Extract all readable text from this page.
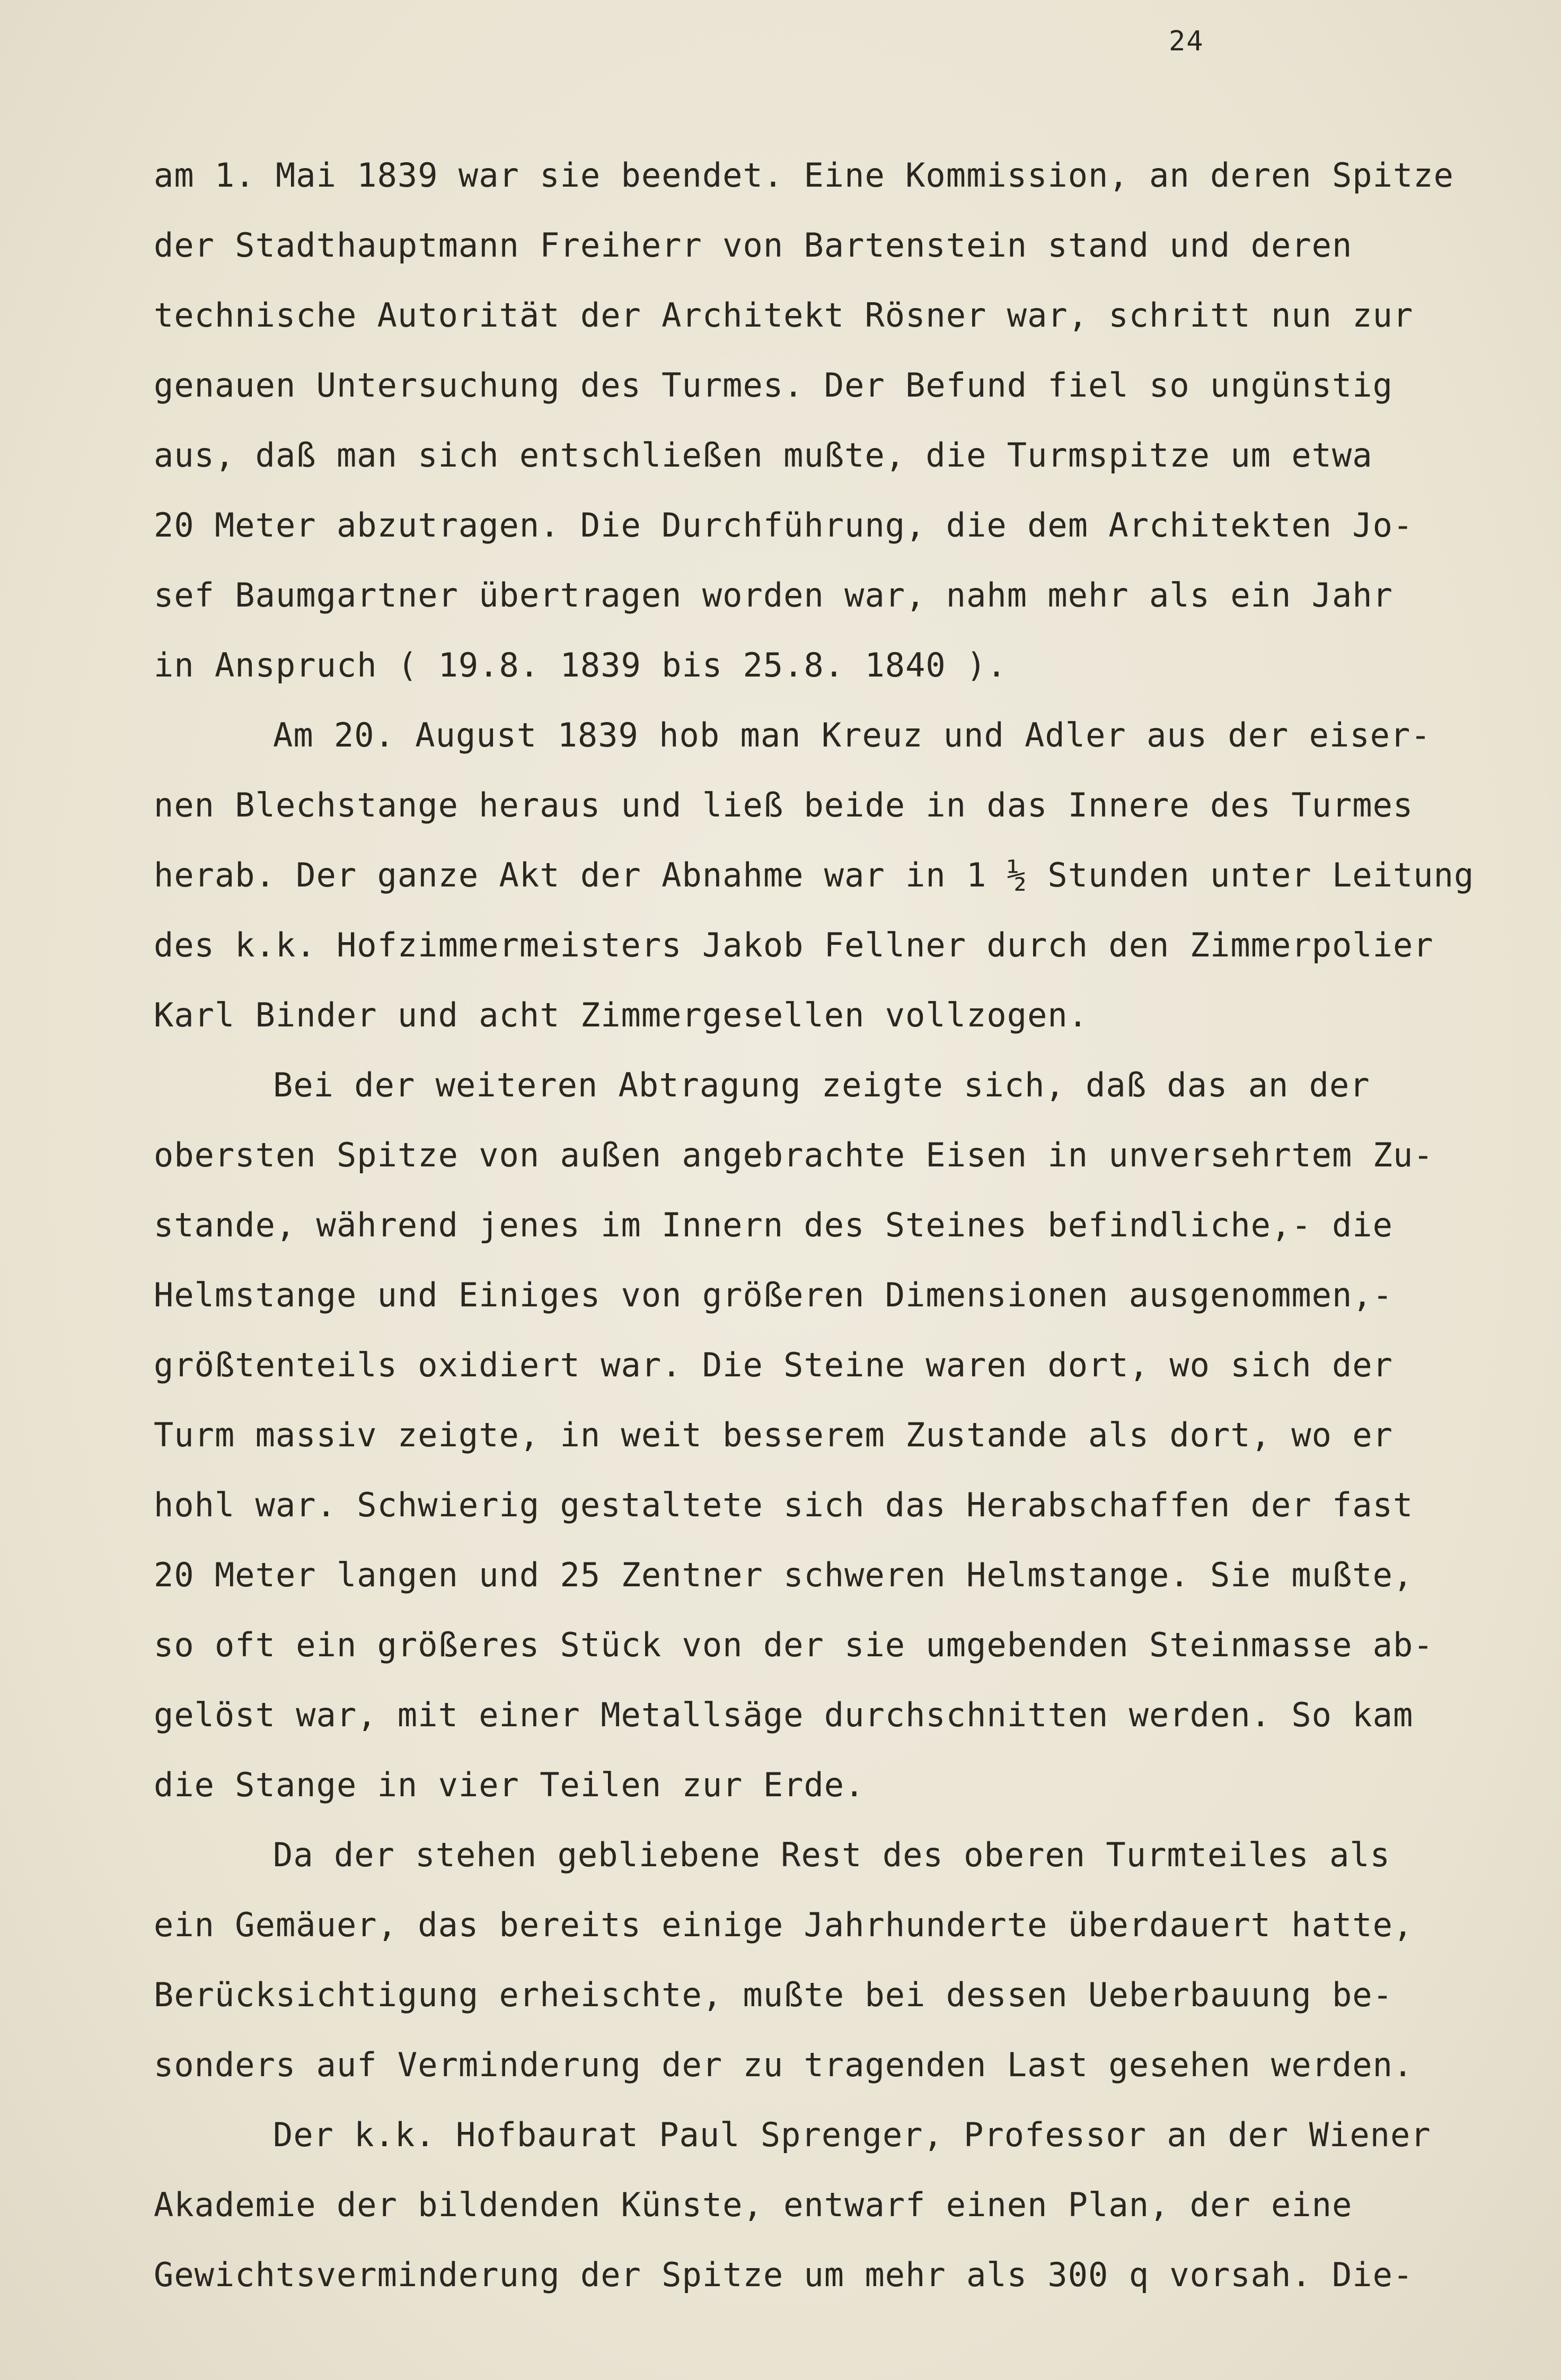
24
am 1. Mai 1839 war sie beendet. Eine Kommission, an deren Spitze
der Stadthauptmann Freiherr von Bartenstein stand und deren
technische Autorität der Architekt Rösner war, schritt nun zur
genauen Untersuchung des Turmes. Der Befund fiel so ungünstig
aus, daß man sich entschließen mußte, die Turmspitze um etwa
20 Meter abzutragen. Die Durchführung, die dem Architekten Jo-
sef Baumgartner übertragen worden war, nahm mehr als ein Jahr
in Anspruch ( 19.8. 1839 bis 25.8. 1840 ).
Am 20. August 1839 hob man Kreuz und Adler aus der eiser-
nen Blechstange heraus und ließ beide in das Innere des Turmes
herab. Der ganze Akt der Abnahme war in 1 ½ Stunden unter Leitung
des k.k. Hofzimmermeisters Jakob Fellner durch den Zimmerpolier
Karl Binder und acht Zimmergesellen vollzogen.
Bei der weiteren Abtragung zeigte sich, daß das an der
obersten Spitze von außen angebrachte Eisen in unversehrtem Zu-
stande, während jenes im Innern des Steines befindliche,- die
Helmstange und Einiges von größeren Dimensionen ausgenommen,-
größtenteils oxidiert war. Die Steine waren dort, wo sich der
Turm massiv zeigte, in weit besserem Zustande als dort, wo er
hohl war. Schwierig gestaltete sich das Herabschaffen der fast
20 Meter langen und 25 Zentner schweren Helmstange. Sie mußte,
so oft ein größeres Stück von der sie umgebenden Steinmasse ab-
gelöst war, mit einer Metallsäge durchschnitten werden. So kam
die Stange in vier Teilen zur Erde.
Da der stehen gebliebene Rest des oberen Turmteiles als
ein Gemäuer, das bereits einige Jahrhunderte überdauert hatte,
Berücksichtigung erheischte, mußte bei dessen Ueberbauung be-
sonders auf Verminderung der zu tragenden Last gesehen werden.
Der k.k. Hofbaurat Paul Sprenger, Professor an der Wiener
Akademie der bildenden Künste, entwarf einen Plan, der eine
Gewichtsverminderung der Spitze um mehr als 300 q vorsah. Die-
